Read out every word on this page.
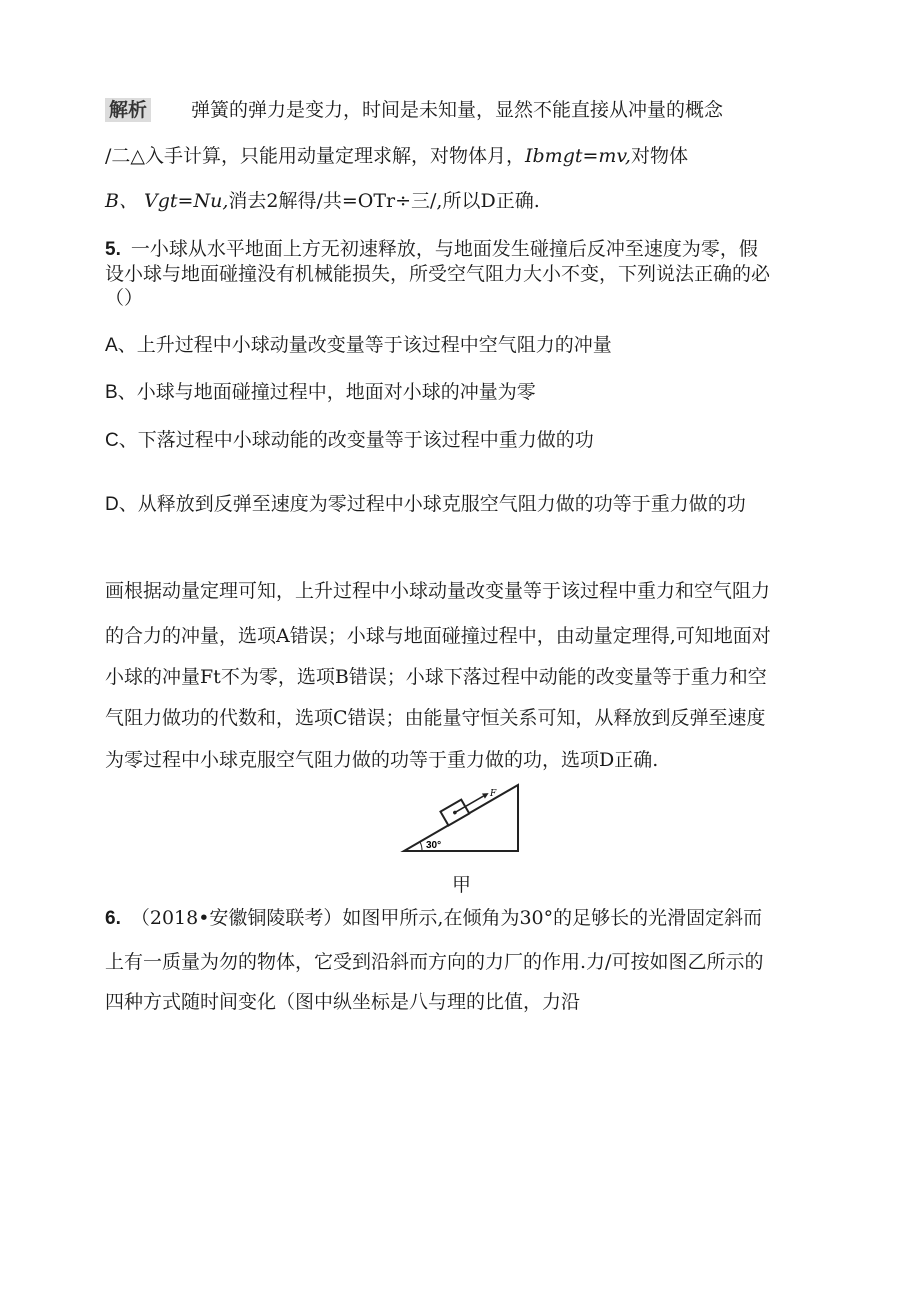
解析 弹簧的弹力是变力，时间是未知量，显然不能直接从冲量的概念
/二△入手计算，只能用动量定理求解，对物体月，Ibmgt=mv,对物体
B、 Vgt=Nu,消去2解得/共=OTr÷三∕,所以D正确.
5. 一小球从水平地面上方无初速释放，与地面发生碰撞后反冲至速度为零，假
设小球与地面碰撞没有机械能损失，所受空气阻力大小不变，下列说法正确的必
（）
A、上升过程中小球动量改变量等于该过程中空气阻力的冲量
B、小球与地面碰撞过程中，地面对小球的冲量为零
C、下落过程中小球动能的改变量等于该过程中重力做的功
D、从释放到反弹至速度为零过程中小球克服空气阻力做的功等于重力做的功
画根据动量定理可知，上升过程中小球动量改变量等于该过程中重力和空气阻力
的合力的冲量，选项A错误；小球与地面碰撞过程中，由动量定理得,可知地面对
小球的冲量Ft不为零，选项B错误；小球下落过程中动能的改变量等于重力和空
气阻力做功的代数和，选项C错误；由能量守恒关系可知，从释放到反弹至速度
为零过程中小球克服空气阻力做的功等于重力做的功，选项D正确.
F
30°
甲
6. （2018•安徽铜陵联考）如图甲所示,在倾角为30°的足够长的光滑固定斜而
上有一质量为勿的物体，它受到沿斜而方向的力厂的作用.力/可按如图乙所示的
四种方式随时间变化（图中纵坐标是八与理的比值，力沿
